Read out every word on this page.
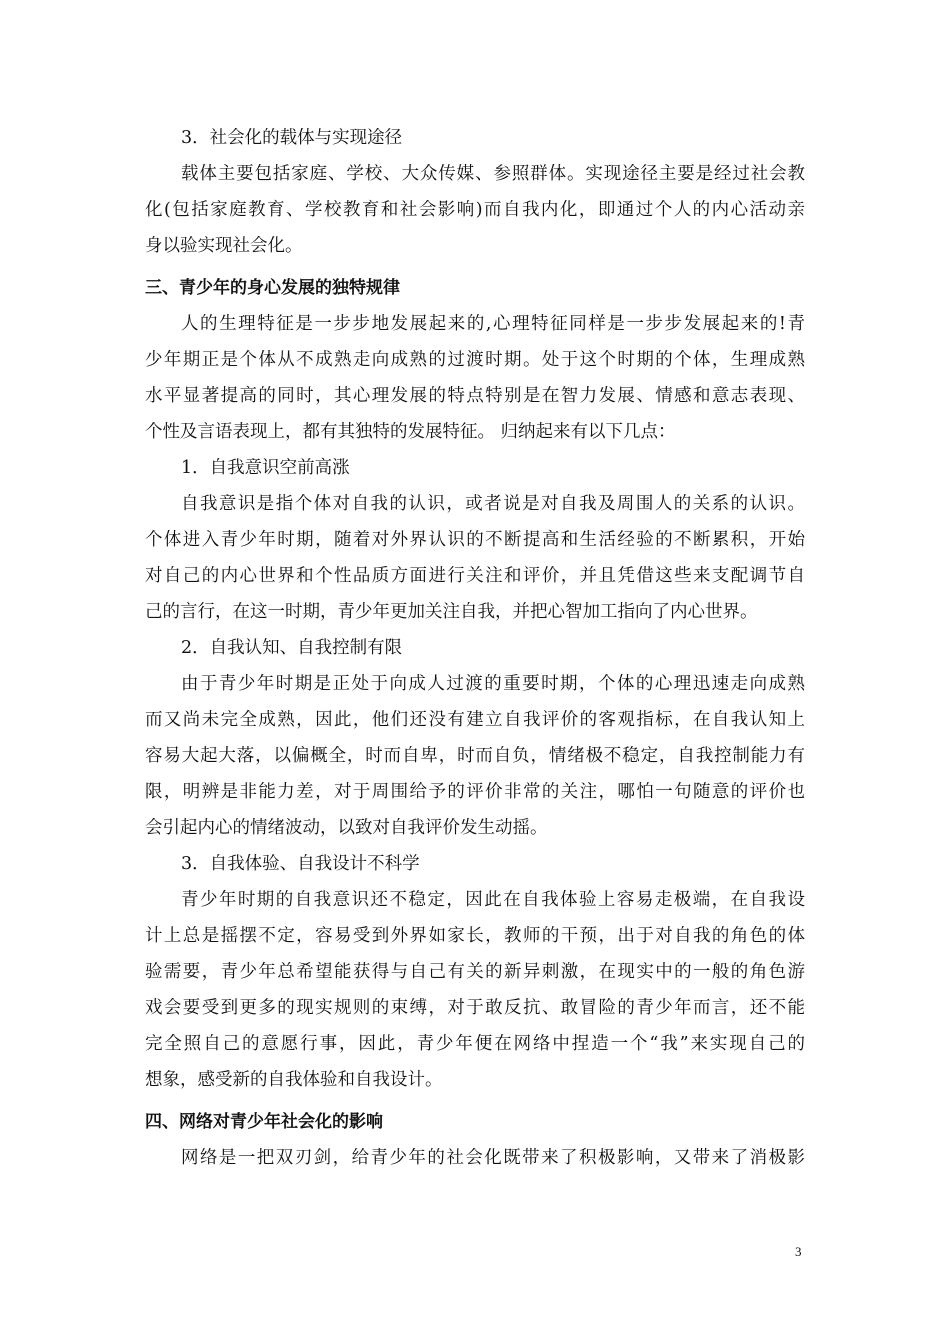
3．社会化的载体与实现途径

载体主要包括家庭、学校、大众传媒、参照群体。实现途径主要是经过社会教

化(包括家庭教育、学校教育和社会影响)而自我内化，即通过个人的内心活动亲

身以验实现社会化。

三、青少年的身心发展的独特规律

人的生理特征是一步步地发展起来的,心理特征同样是一步步发展起来的!青

少年期正是个体从不成熟走向成熟的过渡时期。处于这个时期的个体，生理成熟

水平显著提高的同时，其心理发展的特点特别是在智力发展、情感和意志表现、

个性及言语表现上，都有其独特的发展特征。 归纳起来有以下几点：

1．自我意识空前高涨

自我意识是指个体对自我的认识，或者说是对自我及周围人的关系的认识。

个体进入青少年时期，随着对外界认识的不断提高和生活经验的不断累积，开始

对自己的内心世界和个性品质方面进行关注和评价，并且凭借这些来支配调节自

己的言行，在这一时期，青少年更加关注自我，并把心智加工指向了内心世界。

2．自我认知、自我控制有限

由于青少年时期是正处于向成人过渡的重要时期，个体的心理迅速走向成熟

而又尚未完全成熟，因此，他们还没有建立自我评价的客观指标，在自我认知上

容易大起大落，以偏概全，时而自卑，时而自负，情绪极不稳定，自我控制能力有

限，明辨是非能力差，对于周围给予的评价非常的关注，哪怕一句随意的评价也

会引起内心的情绪波动，以致对自我评价发生动摇。

3．自我体验、自我设计不科学

青少年时期的自我意识还不稳定，因此在自我体验上容易走极端，在自我设

计上总是摇摆不定，容易受到外界如家长，教师的干预，出于对自我的角色的体

验需要，青少年总希望能获得与自己有关的新异刺激，在现实中的一般的角色游

戏会要受到更多的现实规则的束缚，对于敢反抗、敢冒险的青少年而言，还不能

完全照自己的意愿行事，因此，青少年便在网络中捏造一个“我”来实现自己的

想象，感受新的自我体验和自我设计。

四、网络对青少年社会化的影响

网络是一把双刃剑，给青少年的社会化既带来了积极影响，又带来了消极影

3
